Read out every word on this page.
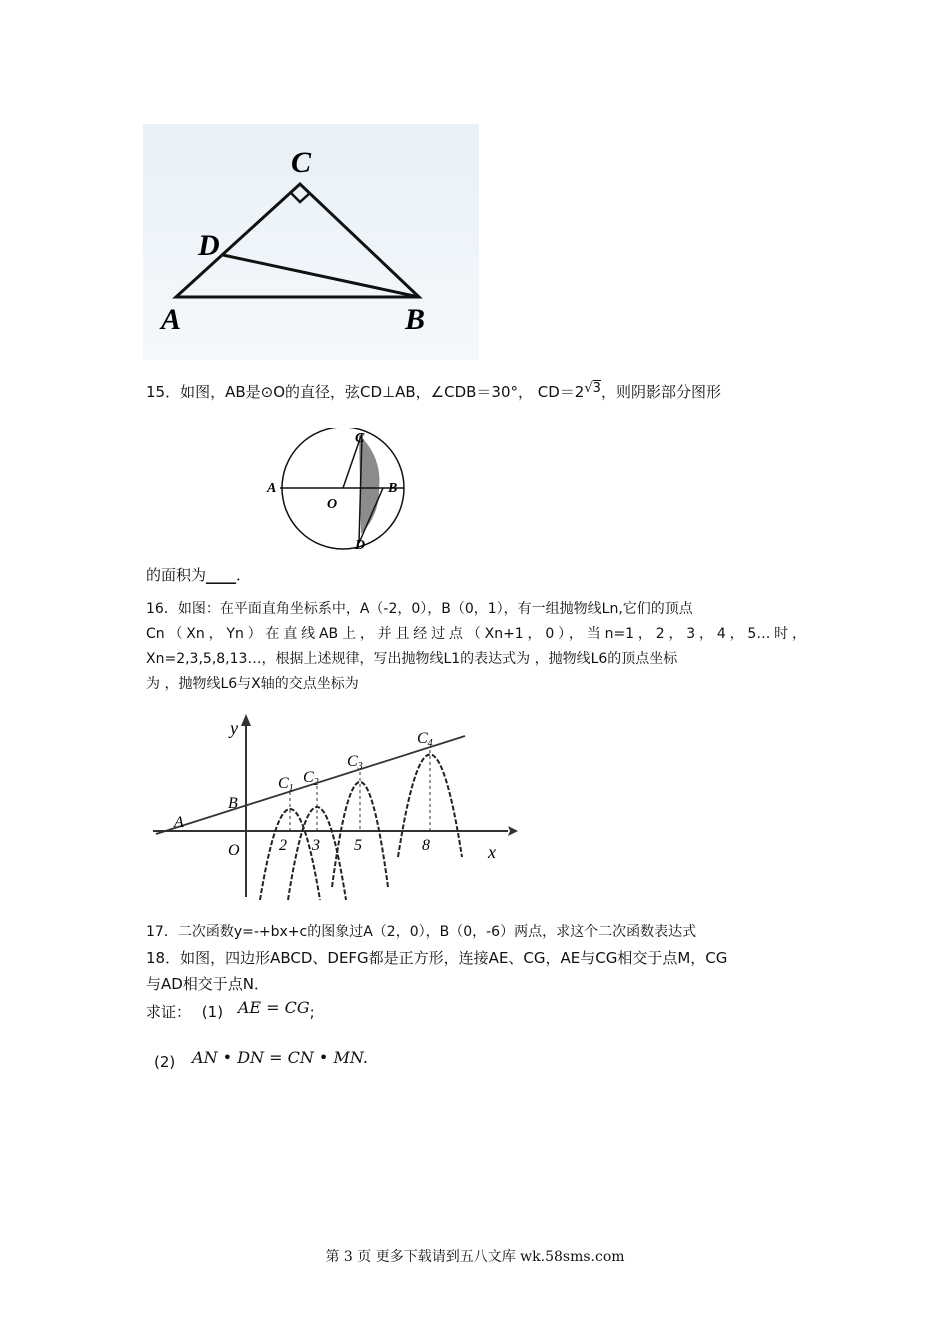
C
D
A	B
15．如图，AB是⊙O的直径，弦CD⊥AB，∠CDB＝30°， CD＝2√3，则阴影部分图形
A
O
B
C
D
的面积为____．
16．如图：在平面直角坐标系中，A（-2，0），B（0，1），有一组抛物线Ln,它们的顶点
Cn（Xn，Yn）在直线AB上，并且经过点（Xn+1，0），当n=1，2，3，4，5…时，
Xn=2,3,5,8,13…，根据上述规律，写出抛物线L1的表达式为 ，抛物线L6的顶点坐标
为 ，抛物线L6与X轴的交点坐标为
y
x
B
A
O
C1
C2
C3
C4
2 3 5	8
17．二次函数y=-+bx+c的图象过A（2，0），B（0，-6）两点，求这个二次函数表达式
18．如图，四边形ABCD、DEFG都是正方形，连接AE、CG，AE与CG相交于点M，CG
与AD相交于点N．
求证： (1) AE = CG;
(2) AN • DN = CN • MN.
第 3 页 更多下载请到五八文库 wk.58sms.com
